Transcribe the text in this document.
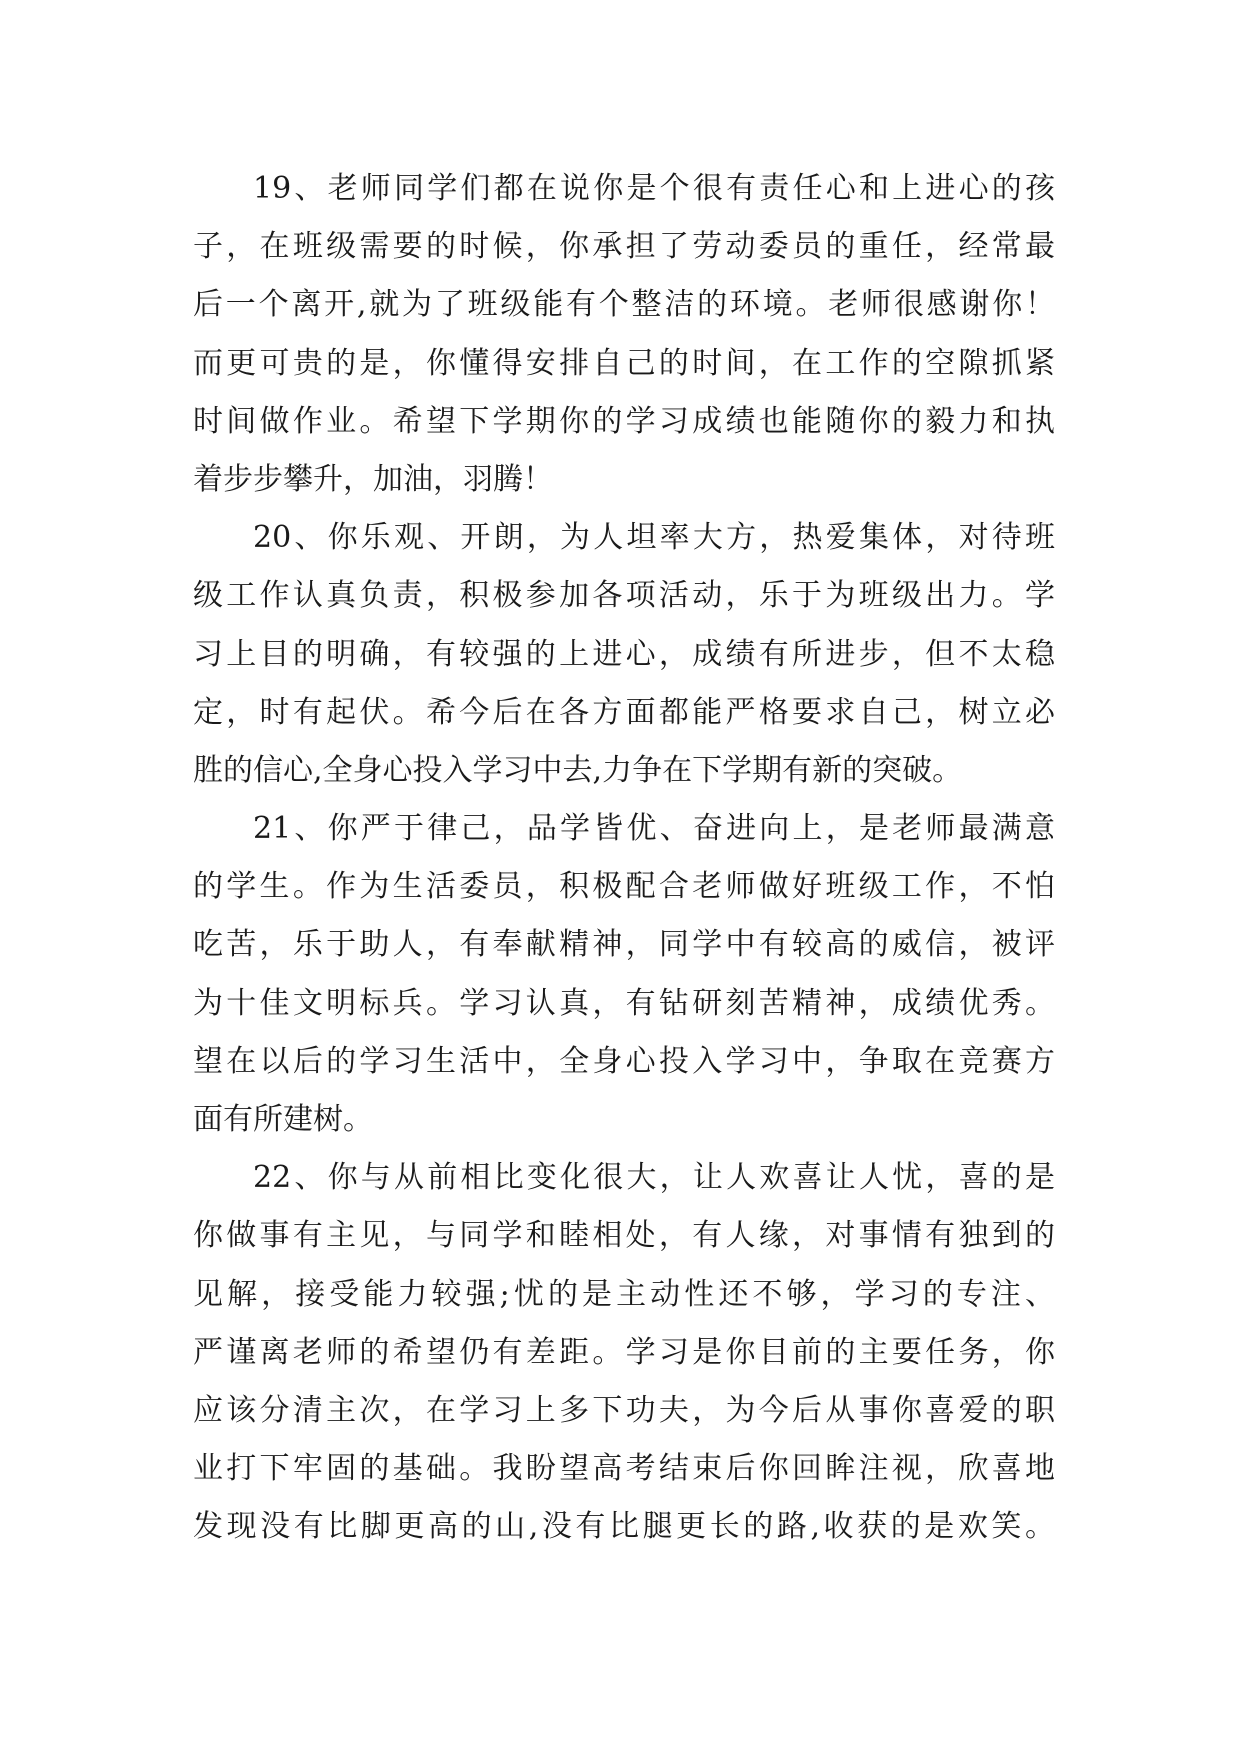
19、老师同学们都在说你是个很有责任心和上进心的孩
子，在班级需要的时候，你承担了劳动委员的重任，经常最
后一个离开,就为了班级能有个整洁的环境。老师很感谢你！
而更可贵的是，你懂得安排自己的时间，在工作的空隙抓紧
时间做作业。希望下学期你的学习成绩也能随你的毅力和执
着步步攀升，加油，羽腾！
20、你乐观、开朗，为人坦率大方，热爱集体，对待班
级工作认真负责，积极参加各项活动，乐于为班级出力。学
习上目的明确，有较强的上进心，成绩有所进步，但不太稳
定，时有起伏。希今后在各方面都能严格要求自己，树立必
胜的信心,全身心投入学习中去,力争在下学期有新的突破。
21、你严于律己，品学皆优、奋进向上，是老师最满意
的学生。作为生活委员，积极配合老师做好班级工作，不怕
吃苦，乐于助人，有奉献精神，同学中有较高的威信，被评
为十佳文明标兵。学习认真，有钻研刻苦精神，成绩优秀。
望在以后的学习生活中，全身心投入学习中，争取在竞赛方
面有所建树。
22、你与从前相比变化很大，让人欢喜让人忧，喜的是
你做事有主见，与同学和睦相处，有人缘，对事情有独到的
见解，接受能力较强;忧的是主动性还不够，学习的专注、
严谨离老师的希望仍有差距。学习是你目前的主要任务，你
应该分清主次，在学习上多下功夫，为今后从事你喜爱的职
业打下牢固的基础。我盼望高考结束后你回眸注视，欣喜地
发现没有比脚更高的山,没有比腿更长的路,收获的是欢笑。
